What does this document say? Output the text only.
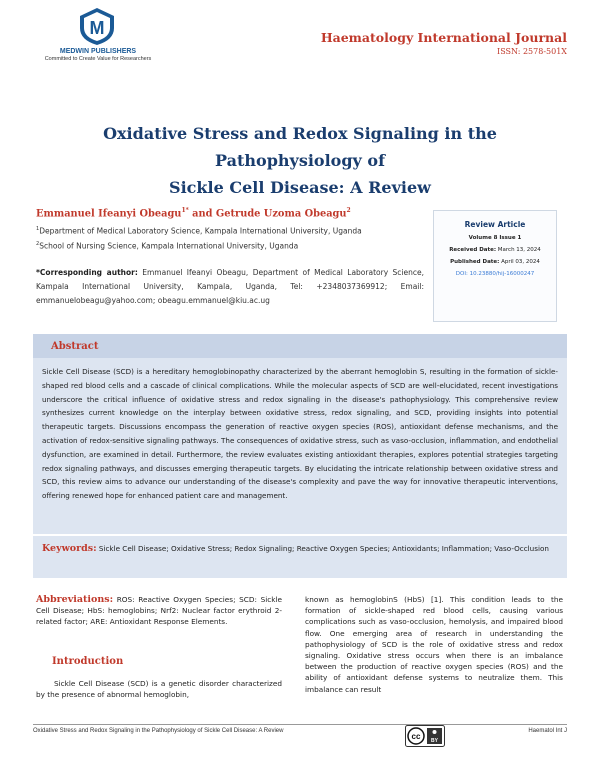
M
MEDWIN PUBLISHERS
Committed to Create Value for Researchers
Haematology International Journal
ISSN: 2578-501X
Oxidative Stress and Redox Signaling in the Pathophysiology of
Sickle Cell Disease: A Review
Emmanuel Ifeanyi Obeagu$^{1*}$ and Getrude Uzoma Obeagu$^2$
$^1$Department of Medical Laboratory Science, Kampala International University, Uganda
$^2$School of Nursing Science, Kampala International University, Uganda
*Corresponding author: Emmanuel Ifeanyi Obeagu, Department of Medical Laboratory Science, Kampala International University, Kampala, Uganda, Tel: +2348037369912; Email: emmanuelobeagu@yahoo.com; obeagu.emmanuel@kiu.ac.ug
Review Article
Volume 8 Issue 1
Received Date: March 13, 2024
Published Date: April 03, 2024
DOI: 10.23880/hij-16000247
Abstract
Sickle Cell Disease (SCD) is a hereditary hemoglobinopathy characterized by the aberrant hemoglobin S, resulting in the formation of sickle-shaped red blood cells and a cascade of clinical complications. While the molecular aspects of SCD are well-elucidated, recent investigations underscore the critical influence of oxidative stress and redox signaling in the disease's pathophysiology. This comprehensive review synthesizes current knowledge on the interplay between oxidative stress, redox signaling, and SCD, providing insights into potential therapeutic targets. Discussions encompass the generation of reactive oxygen species (ROS), antioxidant defense mechanisms, and the activation of redox-sensitive signaling pathways. The consequences of oxidative stress, such as vaso-occlusion, inflammation, and endothelial dysfunction, are examined in detail. Furthermore, the review evaluates existing antioxidant therapies, explores potential strategies targeting redox signaling pathways, and discusses emerging therapeutic targets. By elucidating the intricate relationship between oxidative stress and SCD, this review aims to advance our understanding of the disease's complexity and pave the way for innovative therapeutic interventions, offering renewed hope for enhanced patient care and management.
Keywords: Sickle Cell Disease; Oxidative Stress; Redox Signaling; Reactive Oxygen Species; Antioxidants; Inflammation; Vaso-Occlusion
Abbreviations: ROS: Reactive Oxygen Species; SCD: Sickle Cell Disease; HbS: hemoglobins; Nrf2: Nuclear factor erythroid 2-related factor; ARE: Antioxidant Response Elements.
Introduction
Sickle Cell Disease (SCD) is a genetic disorder characterized by the presence of abnormal hemoglobin,
known as hemoglobinS (HbS) [1]. This condition leads to the formation of sickle-shaped red blood cells, causing various complications such as vaso-occlusion, hemolysis, and impaired blood flow. One emerging area of research in understanding the pathophysiology of SCD is the role of oxidative stress and redox signaling. Oxidative stress occurs when there is an imbalance between the production of reactive oxygen species (ROS) and the ability of antioxidant defense systems to neutralize them. This imbalance can result
Oxidative Stress and Redox Signaling in the Pathophysiology of Sickle Cell Disease: A Review
cc BY
Haematol Int J
